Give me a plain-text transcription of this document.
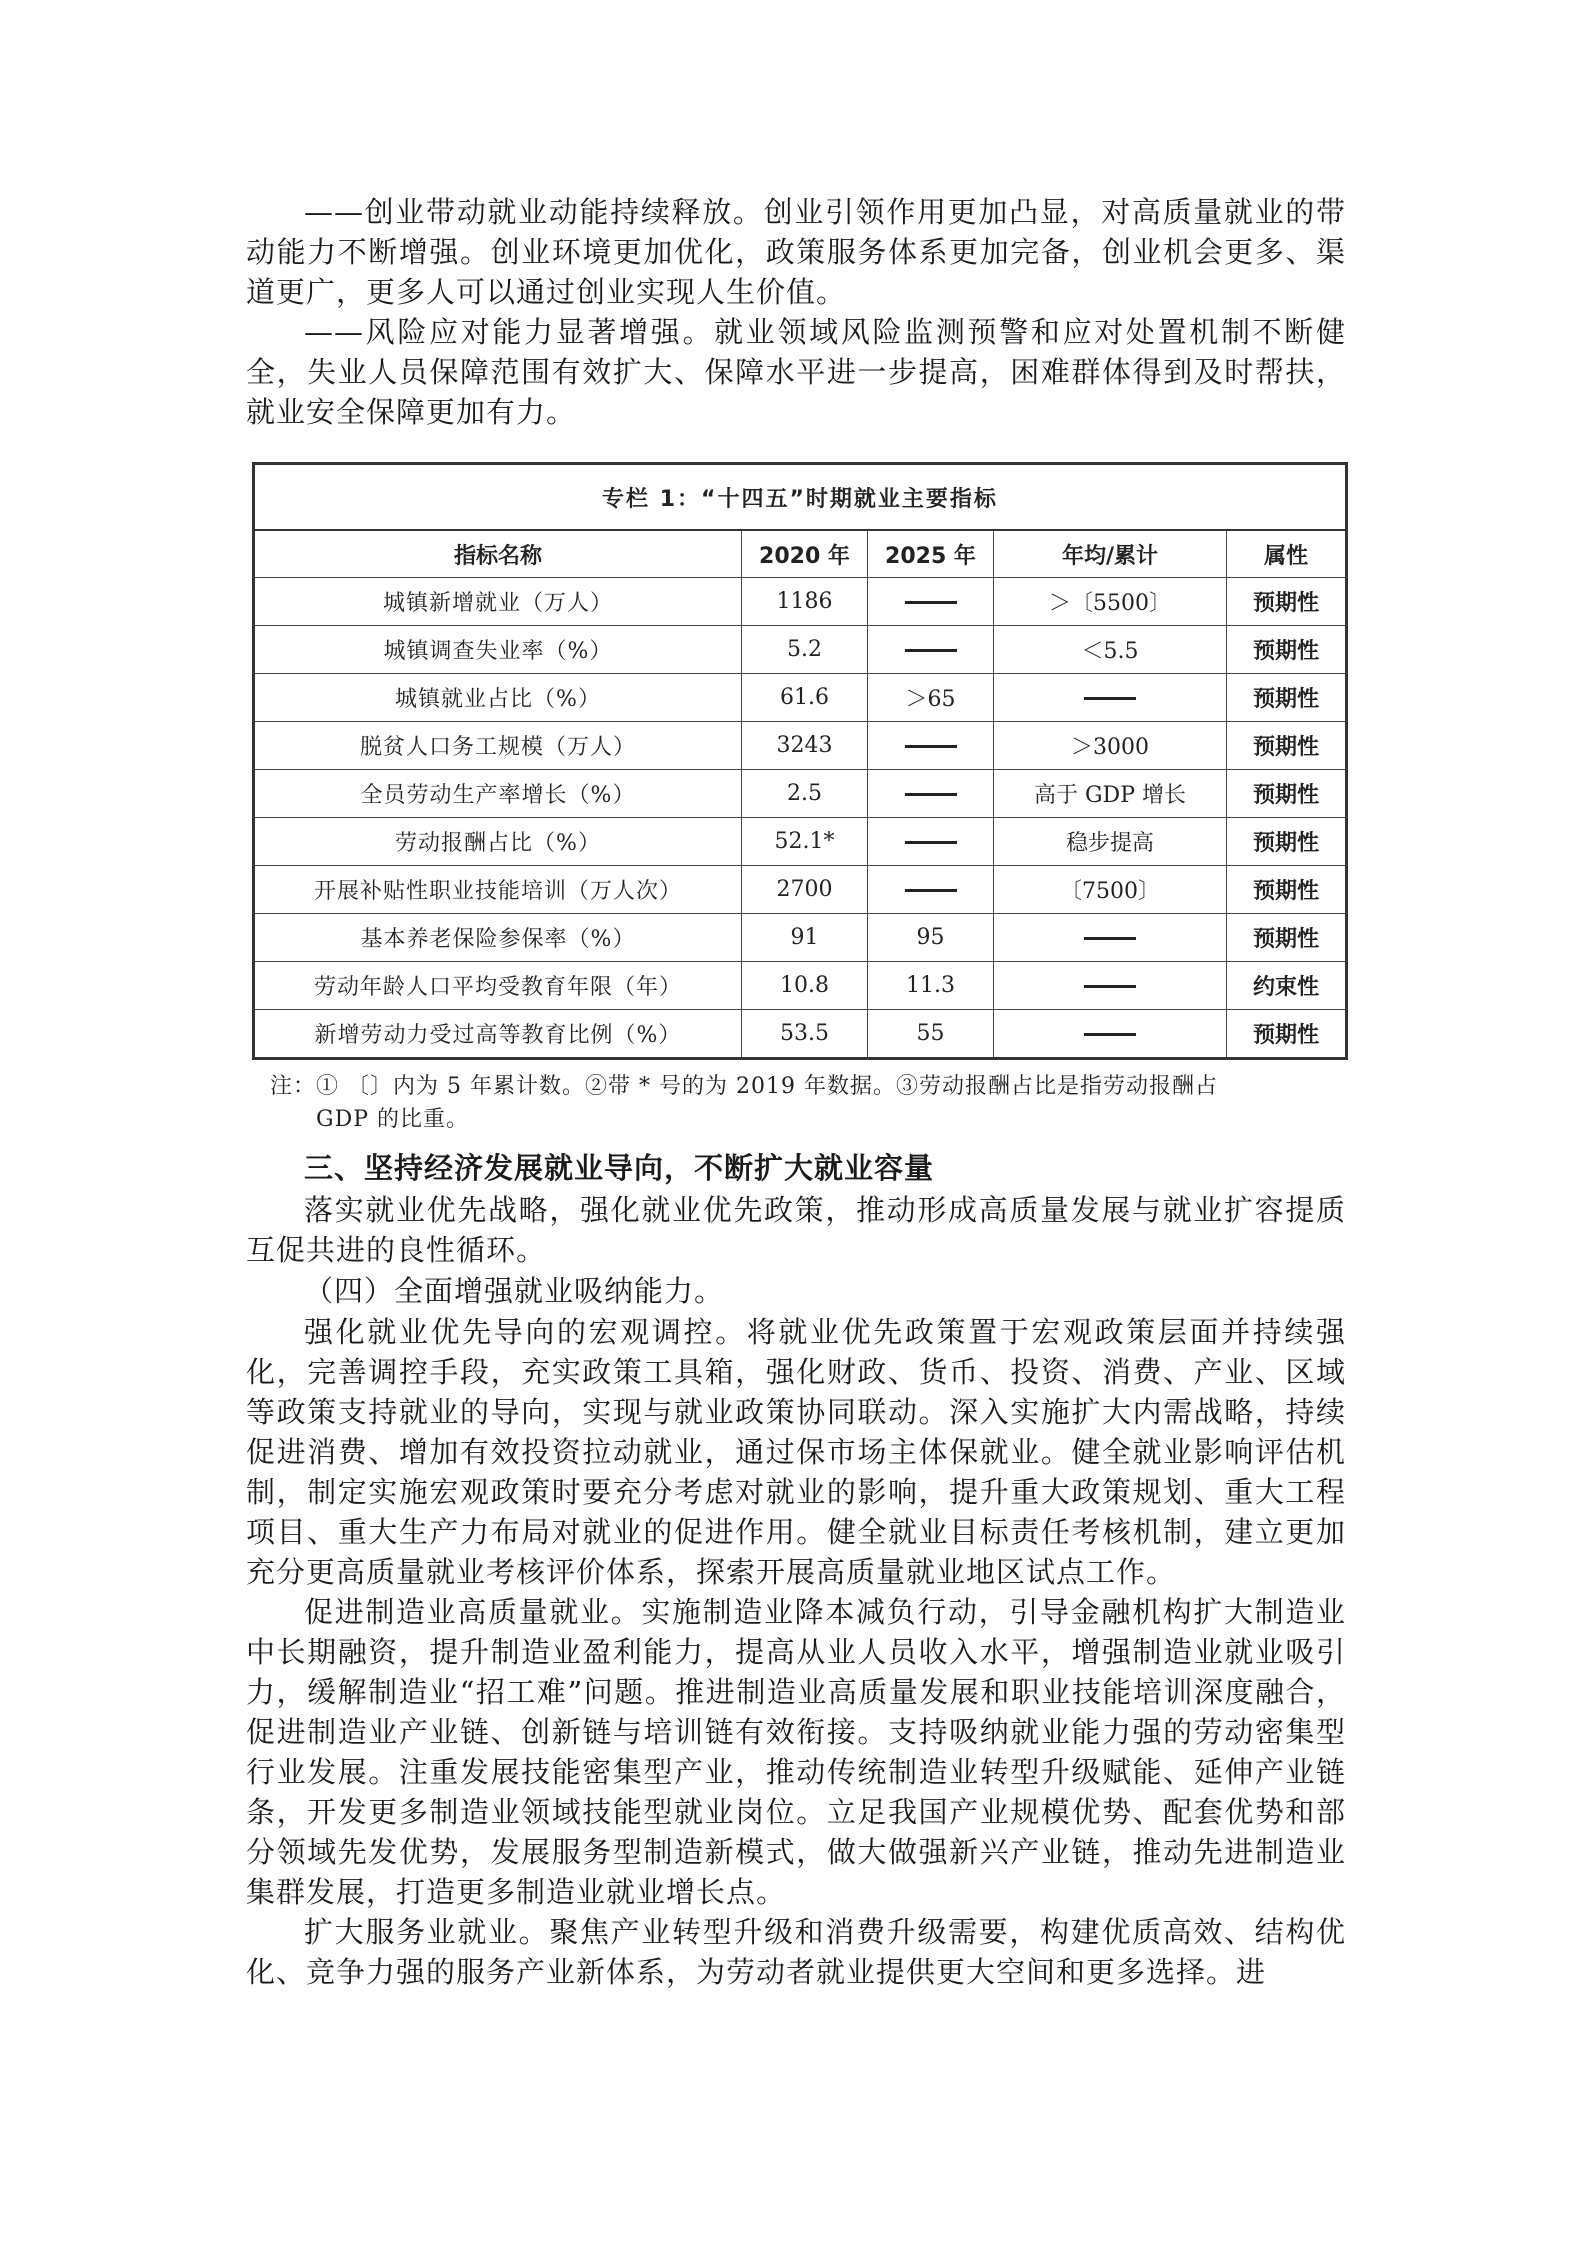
——创业带动就业动能持续释放。创业引领作用更加凸显，对高质量就业的带动能力不断增强。创业环境更加优化，政策服务体系更加完备，创业机会更多、渠道更广，更多人可以通过创业实现人生价值。

——风险应对能力显著增强。就业领域风险监测预警和应对处置机制不断健全，失业人员保障范围有效扩大、保障水平进一步提高，困难群体得到及时帮扶，就业安全保障更加有力。

专栏 1：“十四五”时期就业主要指标				
指标名称	2020 年	2025 年	年均/累计	属性
城镇新增就业（万人）	1186		＞〔5500〕	预期性
城镇调查失业率（%）	5.2		＜5.5	预期性
城镇就业占比（%）	61.6	＞65		预期性
脱贫人口务工规模（万人）	3243		＞3000	预期性
全员劳动生产率增长（%）	2.5		高于 GDP 增长	预期性
劳动报酬占比（%）	52.1*		稳步提高	预期性
开展补贴性职业技能培训（万人次）	2700		〔7500〕	预期性
基本养老保险参保率（%）	91	95		预期性
劳动年龄人口平均受教育年限（年）	10.8	11.3		约束性
新增劳动力受过高等教育比例（%）	53.5	55		预期性
注：① 〔〕内为 5 年累计数。②带 * 号的为 2019 年数据。③劳动报酬占比是指劳动报酬占
GDP 的比重。

三、坚持经济发展就业导向，不断扩大就业容量

落实就业优先战略，强化就业优先政策，推动形成高质量发展与就业扩容提质互促共进的良性循环。

（四）全面增强就业吸纳能力。

强化就业优先导向的宏观调控。将就业优先政策置于宏观政策层面并持续强化，完善调控手段，充实政策工具箱，强化财政、货币、投资、消费、产业、区域等政策支持就业的导向，实现与就业政策协同联动。深入实施扩大内需战略，持续促进消费、增加有效投资拉动就业，通过保市场主体保就业。健全就业影响评估机制，制定实施宏观政策时要充分考虑对就业的影响，提升重大政策规划、重大工程项目、重大生产力布局对就业的促进作用。健全就业目标责任考核机制，建立更加充分更高质量就业考核评价体系，探索开展高质量就业地区试点工作。

促进制造业高质量就业。实施制造业降本减负行动，引导金融机构扩大制造业中长期融资，提升制造业盈利能力，提高从业人员收入水平，增强制造业就业吸引力，缓解制造业“招工难”问题。推进制造业高质量发展和职业技能培训深度融合，促进制造业产业链、创新链与培训链有效衔接。支持吸纳就业能力强的劳动密集型行业发展。注重发展技能密集型产业，推动传统制造业转型升级赋能、延伸产业链条，开发更多制造业领域技能型就业岗位。立足我国产业规模优势、配套优势和部分领域先发优势，发展服务型制造新模式，做大做强新兴产业链，推动先进制造业集群发展，打造更多制造业就业增长点。

扩大服务业就业。聚焦产业转型升级和消费升级需要，构建优质高效、结构优化、竞争力强的服务产业新体系，为劳动者就业提供更大空间和更多选择。进
